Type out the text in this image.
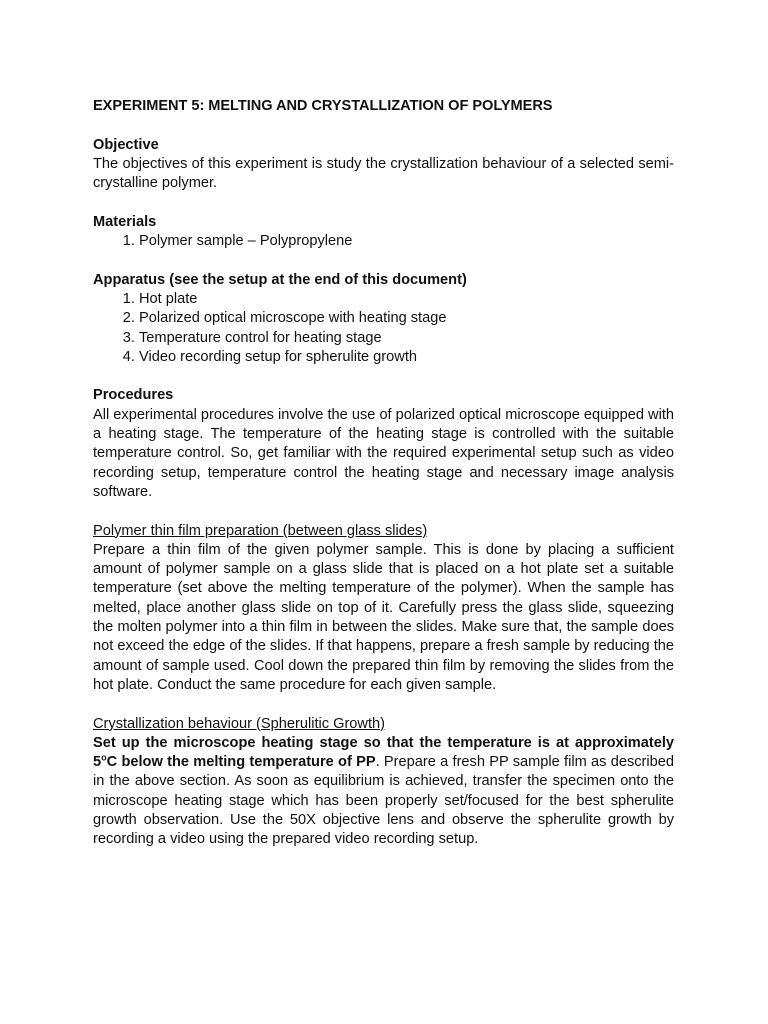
EXPERIMENT 5: MELTING AND CRYSTALLIZATION OF POLYMERS

Objective

The objectives of this experiment is study the crystallization behaviour of a selected semi-crystalline polymer.

Materials

1. Polymer sample – Polypropylene

Apparatus (see the setup at the end of this document)

1. Hot plate
2. Polarized optical microscope with heating stage
3. Temperature control for heating stage
4. Video recording setup for spherulite growth

Procedures

All experimental procedures involve the use of polarized optical microscope equipped with a heating stage. The temperature of the heating stage is controlled with the suitable temperature control. So, get familiar with the required experimental setup such as video recording setup, temperature control the heating stage and necessary image analysis software.

Polymer thin film preparation (between glass slides)

Prepare a thin film of the given polymer sample. This is done by placing a sufficient amount of polymer sample on a glass slide that is placed on a hot plate set a suitable temperature (set above the melting temperature of the polymer). When the sample has melted, place another glass slide on top of it. Carefully press the glass slide, squeezing the molten polymer into a thin film in between the slides. Make sure that, the sample does not exceed the edge of the slides. If that happens, prepare a fresh sample by reducing the amount of sample used. Cool down the prepared thin film by removing the slides from the hot plate. Conduct the same procedure for each given sample.

Crystallization behaviour (Spherulitic Growth)

Set up the microscope heating stage so that the temperature is at approximately 5$^o$C below the melting temperature of PP. Prepare a fresh PP sample film as described in the above section. As soon as equilibrium is achieved, transfer the specimen onto the microscope heating stage which has been properly set/focused for the best spherulite growth observation. Use the 50X objective lens and observe the spherulite growth by recording a video using the prepared video recording setup.
